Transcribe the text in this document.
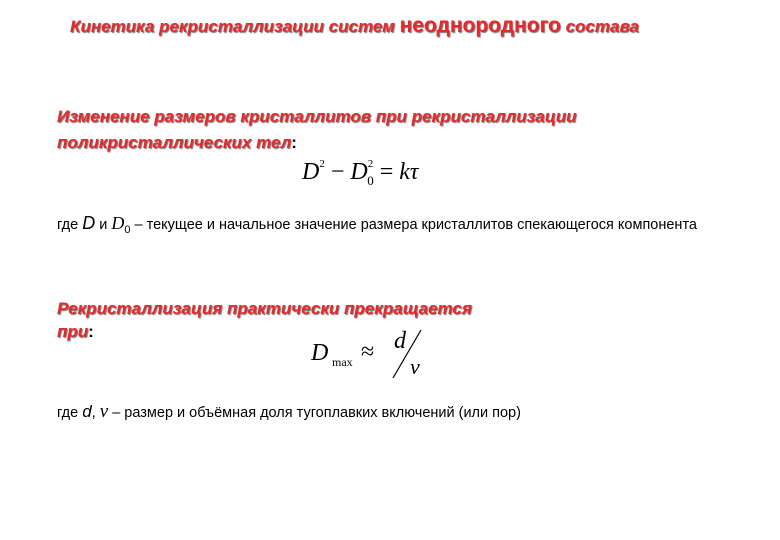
Кинетика рекристаллизации систем неоднородного состава
Изменение размеров кристаллитов при рекристаллизации поликристаллических тел:
$D^2 - D^2_0 = k\tau$
где D и $D_0$ – текущее и начальное значение размера кристаллитов спекающегося компонента
Рекристаллизация практически прекращается при:
D max ≈ d
ν
где d, ν – размер и объёмная доля тугоплавких включений (или пор)
